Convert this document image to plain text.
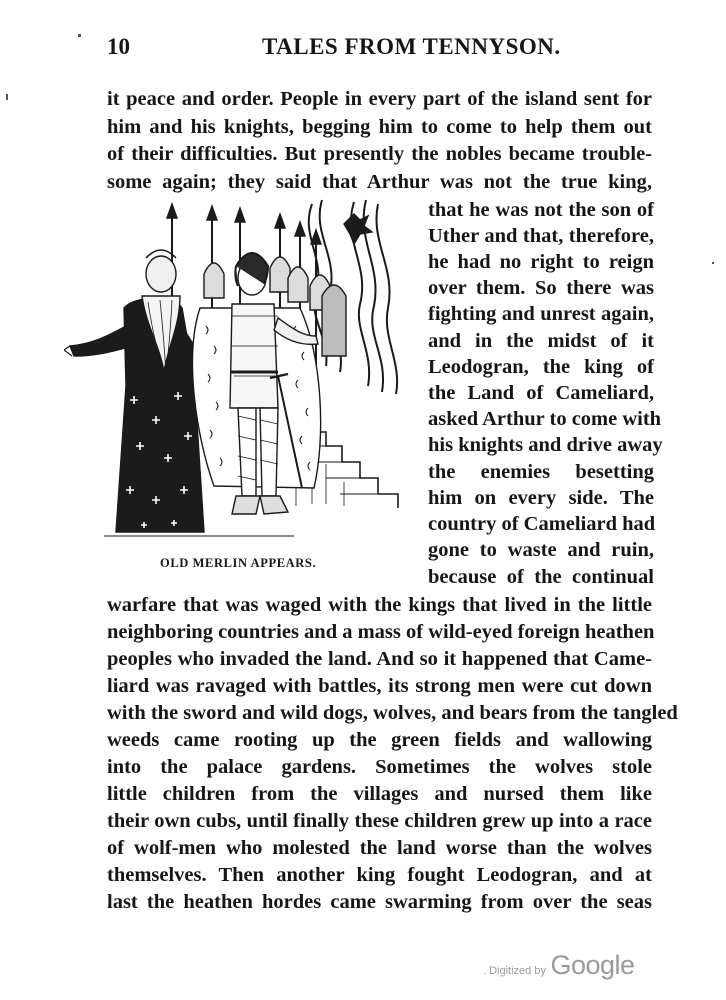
10	TALES FROM TENNYSON.
it peace and order. People in every part of the island sent for
him and his knights, begging him to come to help them out
of their difficulties. But presently the nobles became trouble-
some again; they said that Arthur was not the true king,
OLD MERLIN APPEARS.
that he was not the son of
Uther and that, therefore,
he had no right to reign
over them. So there was
fighting and unrest again,
and in the midst of it
Leodogran, the king of
the Land of Cameliard,
asked Arthur to come with
his knights and drive away
the enemies besetting
him on every side. The
country of Cameliard had
gone to waste and ruin,
because of the continual
warfare that was waged with the kings that lived in the little
neighboring countries and a mass of wild-eyed foreign heathen
peoples who invaded the land. And so it happened that Came-
liard was ravaged with battles, its strong men were cut down
with the sword and wild dogs, wolves, and bears from the tangled
weeds came rooting up the green fields and wallowing
into the palace gardens. Sometimes the wolves stole
little children from the villages and nursed them like
their own cubs, until finally these children grew up into a race
of wolf-men who molested the land worse than the wolves
themselves. Then another king fought Leodogran, and at
last the heathen hordes came swarming from over the seas
. Digitized by Google
